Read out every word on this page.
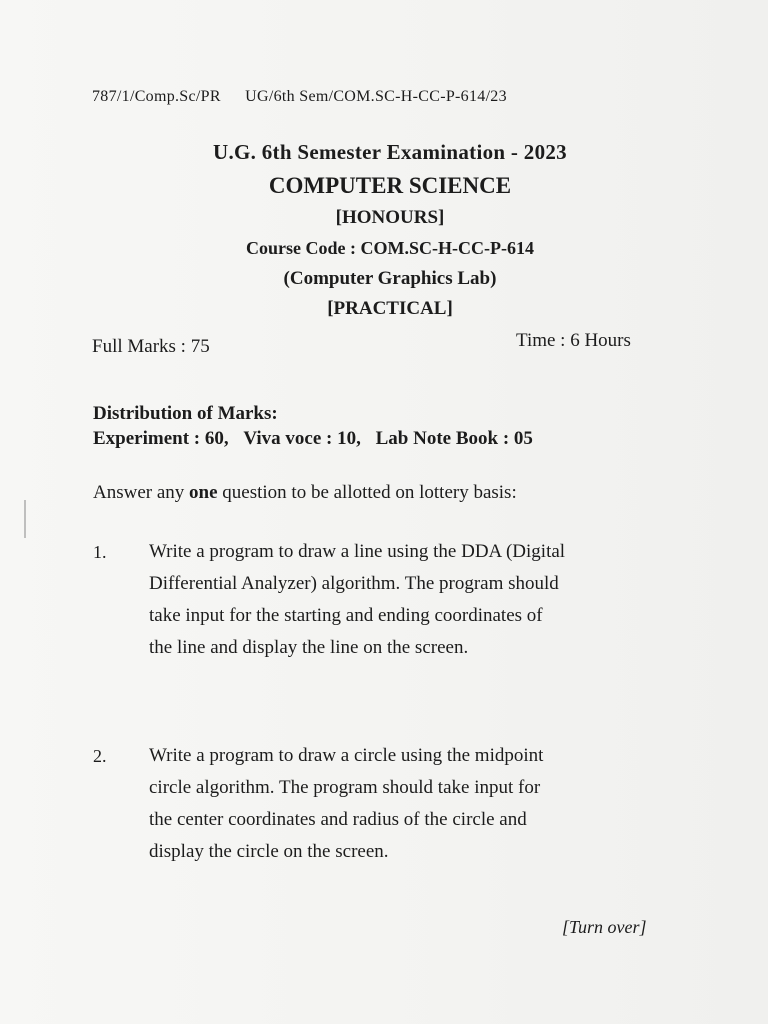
787/1/Comp.Sc/PR UG/6th Sem/COM.SC-H-CC-P-614/23
U.G. 6th Semester Examination - 2023
COMPUTER SCIENCE
[HONOURS]
Course Code : COM.SC-H-CC-P-614
(Computer Graphics Lab)
[PRACTICAL]
Full Marks : 75	Time : 6 Hours
Distribution of Marks:
Experiment : 60, Viva voce : 10, Lab Note Book : 05
Answer any one question to be allotted on lottery basis:
1. Write a program to draw a line using the DDA (Digital
Differential Analyzer) algorithm. The program should
take input for the starting and ending coordinates of
the line and display the line on the screen.
2. Write a program to draw a circle using the midpoint
circle algorithm. The program should take input for
the center coordinates and radius of the circle and
display the circle on the screen.
[Turn over]
